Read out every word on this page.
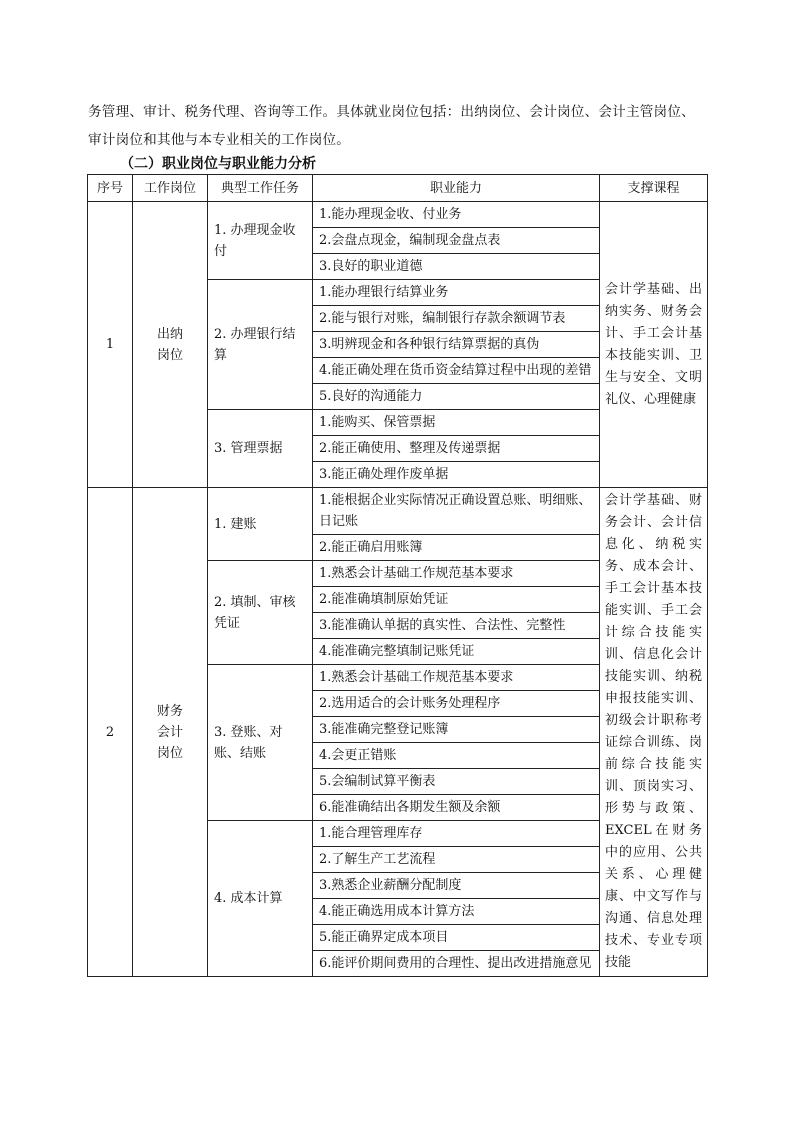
务管理、审计、税务代理、咨询等工作。具体就业岗位包括：出纳岗位、会计岗位、会计主管岗位、

审计岗位和其他与本专业相关的工作岗位。

（二）职业岗位与职业能力分析
序号	工作岗位	典型工作任务	职业能力	支撑课程
1	出纳岗位	1. 办理现金收付	1.能办理现金收、付业务	会计学基础、出纳实务、财务会计、手工会计基本技能实训、卫生与安全、文明礼仪、心理健康
			2.会盘点现金，编制现金盘点表	
			3.良好的职业道德	
		2. 办理银行结算	1.能办理银行结算业务	
			2.能与银行对账，编制银行存款余额调节表	
			3.明辨现金和各种银行结算票据的真伪	
			4.能正确处理在货币资金结算过程中出现的差错	
			5.良好的沟通能力	
		3. 管理票据	1.能购买、保管票据	
			2.能正确使用、整理及传递票据	
			3.能正确处理作废单据	
2	财务会计岗位	1. 建账	1.能根据企业实际情况正确设置总账、明细账、日记账	会计学基础、财务会计、会计信息化、纳税实务、成本会计、手工会计基本技能实训、手工会计综合技能实训、信息化会计技能实训、纳税申报技能实训、初级会计职称考证综合训练、岗前综合技能实训、顶岗实习、形势与政策、EXCEL在财务中的应用、公共关系、心理健康、中文写作与沟通、信息处理技术、专业专项技能
			2.能正确启用账簿	
		2. 填制、审核凭证	1.熟悉会计基础工作规范基本要求	
			2.能准确填制原始凭证	
			3.能准确认单据的真实性、合法性、完整性	
			4.能准确完整填制记账凭证	
		3. 登账、对账、结账	1.熟悉会计基础工作规范基本要求	
			2.选用适合的会计账务处理程序	
			3.能准确完整登记账簿	
			4.会更正错账	
			5.会编制试算平衡表	
			6.能准确结出各期发生额及余额	
		4. 成本计算	1.能合理管理库存	
			2.了解生产工艺流程	
			3.熟悉企业薪酬分配制度	
			4.能正确选用成本计算方法	
			5.能正确界定成本项目	
			6.能评价期间费用的合理性、提出改进措施意见	
